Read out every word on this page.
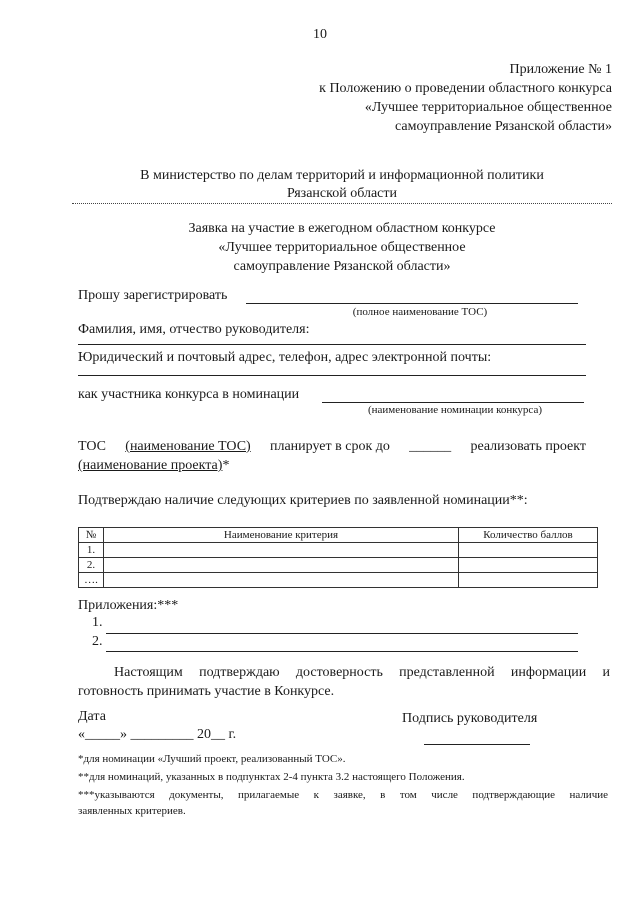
10
Приложение № 1
к Положению о проведении областного конкурса
«Лучшее территориальное общественное
самоуправление Рязанской области»
В министерство по делам территорий и информационной политики
Рязанской области
Заявка на участие в ежегодном областном конкурсе
«Лучшее территориальное общественное
самоуправление Рязанской области»
Прошу зарегистрировать
(полное наименование ТОС)
Фамилия, имя, отчество руководителя:
Юридический и почтовый адрес, телефон, адрес электронной почты:
как участника конкурса в номинации
(наименование номинации конкурса)
ТОС (наименование ТОС) планирует в срок до ______ реализовать проект
(наименование проекта)*
Подтверждаю наличие следующих критериев по заявленной номинации**:
№	Наименование критерия	Количество баллов
1.		
2.		
….		
Приложения:***
1.
2.
Настоящим подтверждаю достоверность представленной информации и
готовность принимать участие в Конкурсе.
Дата
«_____» _________ 20__ г.
Подпись руководителя
*для номинации «Лучший проект, реализованный ТОС».
**для номинаций, указанных в подпунктах 2-4 пункта 3.2 настоящего Положения.
***указываются документы, прилагаемые к заявке, в том числе подтверждающие наличие
заявленных критериев.
